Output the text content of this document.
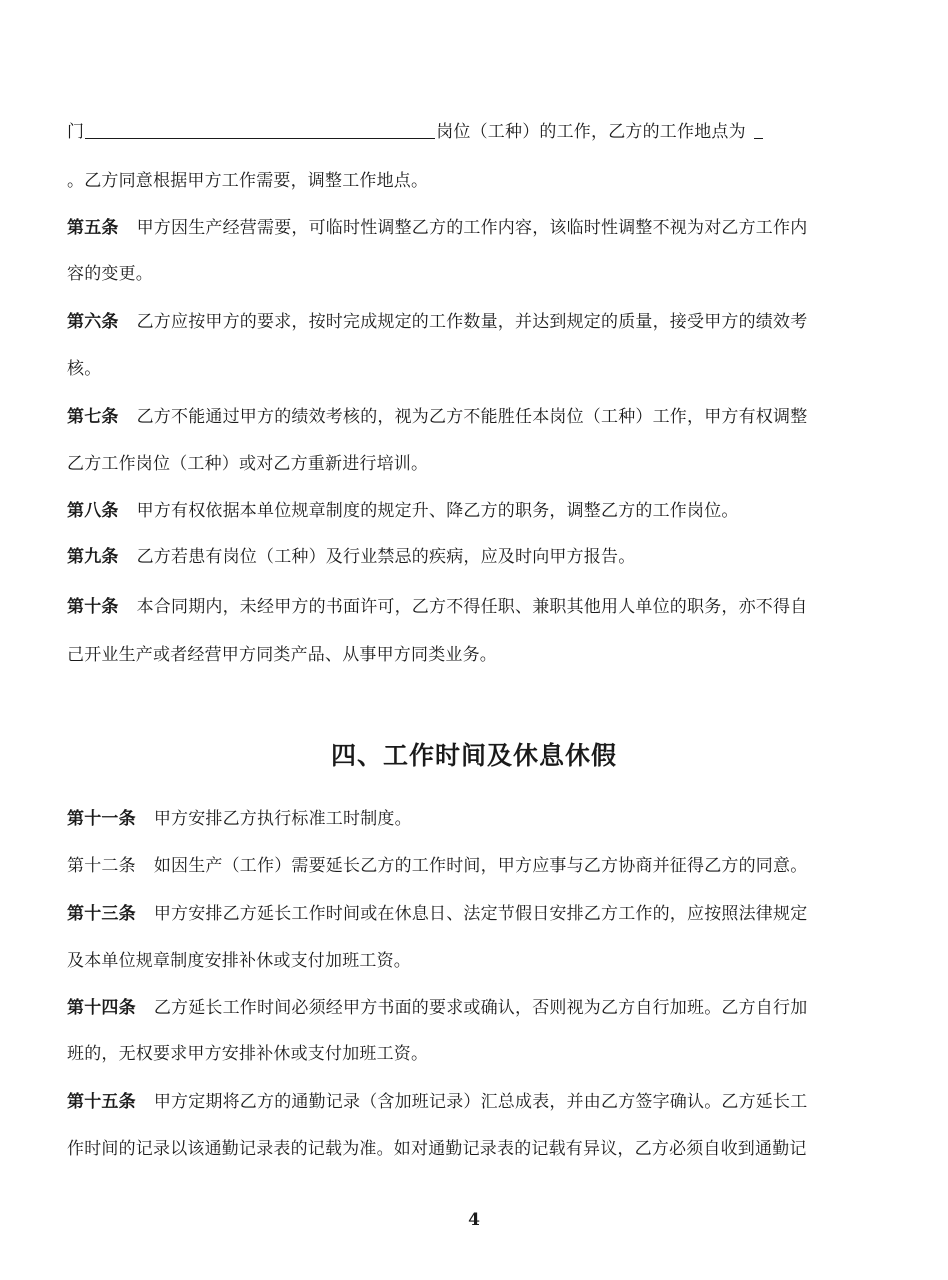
门	岗位（工种）的工作，乙方的工作地点为
。乙方同意根据甲方工作需要，调整工作地点。
第五条 甲方因生产经营需要，可临时性调整乙方的工作内容，该临时性调整不视为对乙方工作内
容的变更。
第六条 乙方应按甲方的要求，按时完成规定的工作数量，并达到规定的质量，接受甲方的绩效考
核。
第七条 乙方不能通过甲方的绩效考核的，视为乙方不能胜任本岗位（工种）工作，甲方有权调整
乙方工作岗位（工种）或对乙方重新进行培训。
第八条 甲方有权依据本单位规章制度的规定升、降乙方的职务，调整乙方的工作岗位。
第九条 乙方若患有岗位（工种）及行业禁忌的疾病，应及时向甲方报告。
第十条 本合同期内，未经甲方的书面许可，乙方不得任职、兼职其他用人单位的职务，亦不得自
己开业生产或者经营甲方同类产品、从事甲方同类业务。
四、工作时间及休息休假
第十一条 甲方安排乙方执行标准工时制度。
第十二条 如因生产（工作）需要延长乙方的工作时间，甲方应事与乙方协商并征得乙方的同意。
第十三条 甲方安排乙方延长工作时间或在休息日、法定节假日安排乙方工作的，应按照法律规定
及本单位规章制度安排补休或支付加班工资。
第十四条 乙方延长工作时间必须经甲方书面的要求或确认，否则视为乙方自行加班。乙方自行加
班的，无权要求甲方安排补休或支付加班工资。
第十五条 甲方定期将乙方的通勤记录（含加班记录）汇总成表，并由乙方签字确认。乙方延长工
作时间的记录以该通勤记录表的记载为准。如对通勤记录表的记载有异议，乙方必须自收到通勤记
4
